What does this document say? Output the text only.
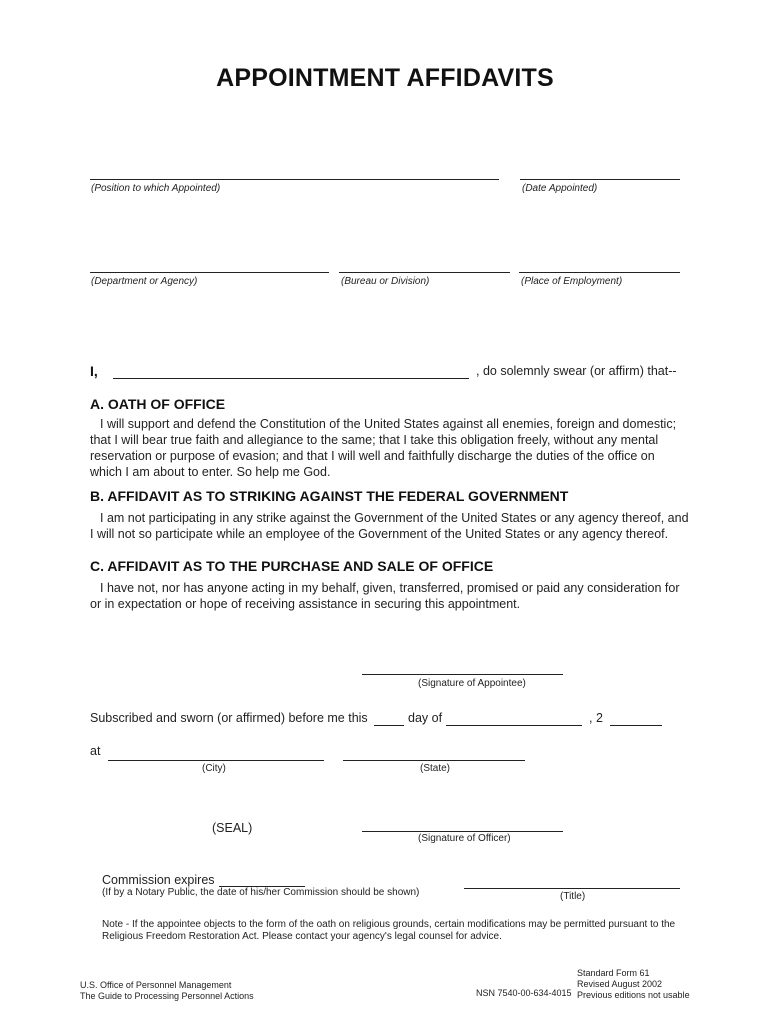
APPOINTMENT AFFIDAVITS
(Position to which Appointed)	(Date Appointed)
(Department or Agency)	(Bureau or Division)	(Place of Employment)
I,	, do solemnly swear (or affirm) that--
A. OATH OF OFFICE

I will support and defend the Constitution of the United States against all enemies, foreign and domestic; that I will bear true faith and allegiance to the same; that I take this obligation freely, without any mental reservation or purpose of evasion; and that I will well and faithfully discharge the duties of the office on which I am about to enter. So help me God.

B. AFFIDAVIT AS TO STRIKING AGAINST THE FEDERAL GOVERNMENT

I am not participating in any strike against the Government of the United States or any agency thereof, and I will not so participate while an employee of the Government of the United States or any agency thereof.

C. AFFIDAVIT AS TO THE PURCHASE AND SALE OF OFFICE

I have not, nor has anyone acting in my behalf, given, transferred, promised or paid any consideration for or in expectation or hope of receiving assistance in securing this appointment.

(Signature of Appointee)
Subscribed and sworn (or affirmed) before me this	day of	, 2
at
(City)	(State)
(SEAL)
(Signature of Officer)
Commission expires
(If by a Notary Public, the date of his/her Commission should be shown)	(Title)
Note - If the appointee objects to the form of the oath on religious grounds, certain modifications may be permitted pursuant to the Religious Freedom Restoration Act. Please contact your agency's legal counsel for advice.
U.S. Office of Personnel Management
The Guide to Processing Personnel Actions	NSN 7540-00-634-4015
Standard Form 61
Revised August 2002
Previous editions not usable
